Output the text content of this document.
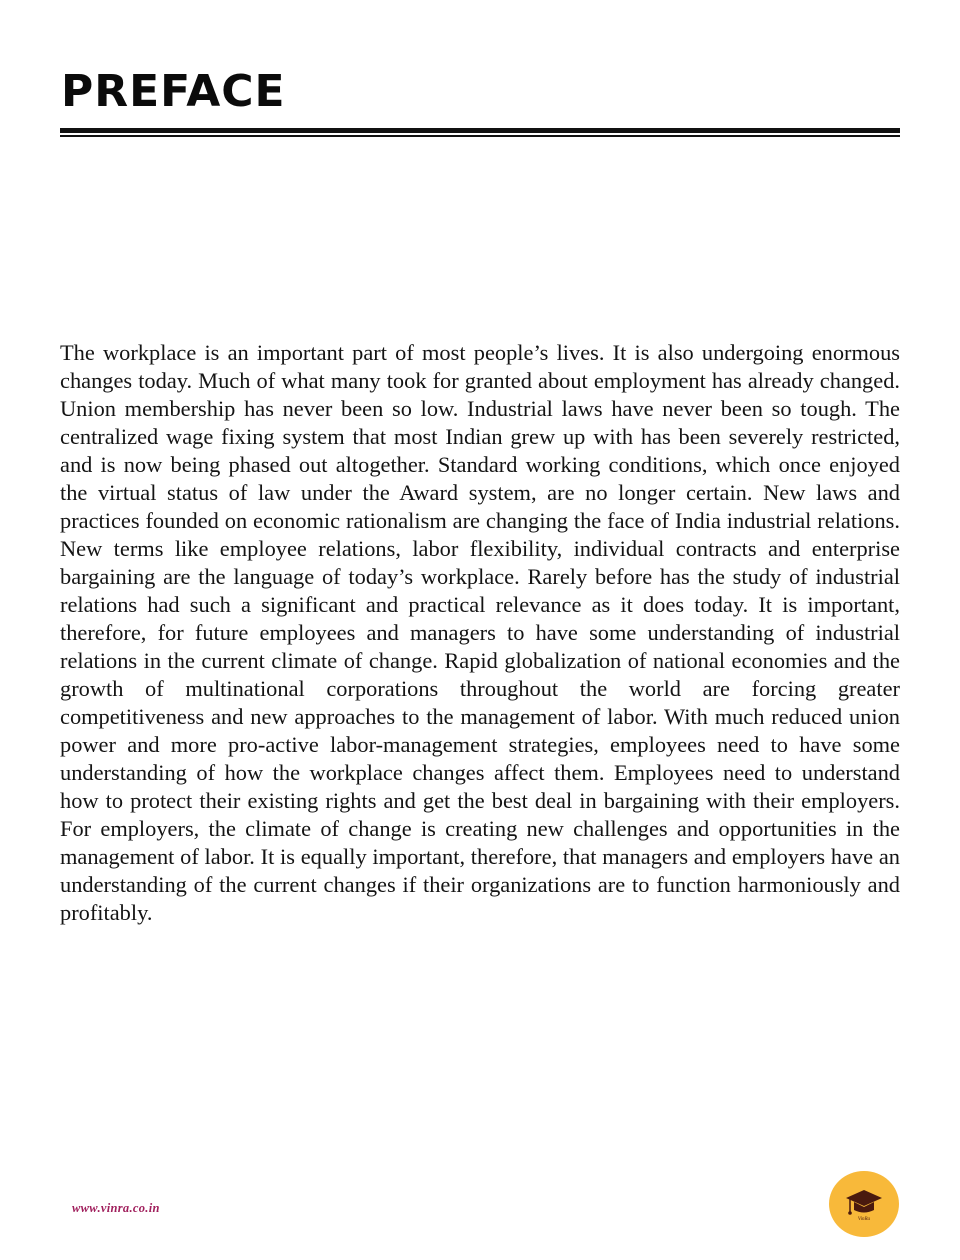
PREFACE

The workplace is an important part of most people’s lives. It is also undergoing enormous changes today. Much of what many took for granted about employment has already changed. Union membership has never been so low. Industrial laws have never been so tough. The centralized wage fixing system that most Indian grew up with has been severely restricted, and is now being phased out altogether. Standard working conditions, which once enjoyed the virtual status of law under the Award system, are no longer certain. New laws and practices founded on economic rationalism are changing the face of India industrial relations. New terms like employee relations, labor flexibility, individual contracts and enterprise bargaining are the language of today’s workplace. Rarely before has the study of industrial relations had such a significant and practical relevance as it does today. It is important, therefore, for future employees and managers to have some understanding of industrial relations in the current climate of change. Rapid globalization of national economies and the growth of multinational corporations throughout the world are forcing greater competitiveness and new approaches to the management of labor. With much reduced union power and more pro-active labor-management strategies, employees need to have some understanding of how the workplace changes affect them. Employees need to understand how to protect their existing rights and get the best deal in bargaining with their employers. For employers, the climate of change is creating new challenges and opportunities in the management of labor. It is equally important, therefore, that managers and employers have an understanding of the current changes if their organizations are to function harmoniously and profitably.

www.vinra.co.in
VinRa
